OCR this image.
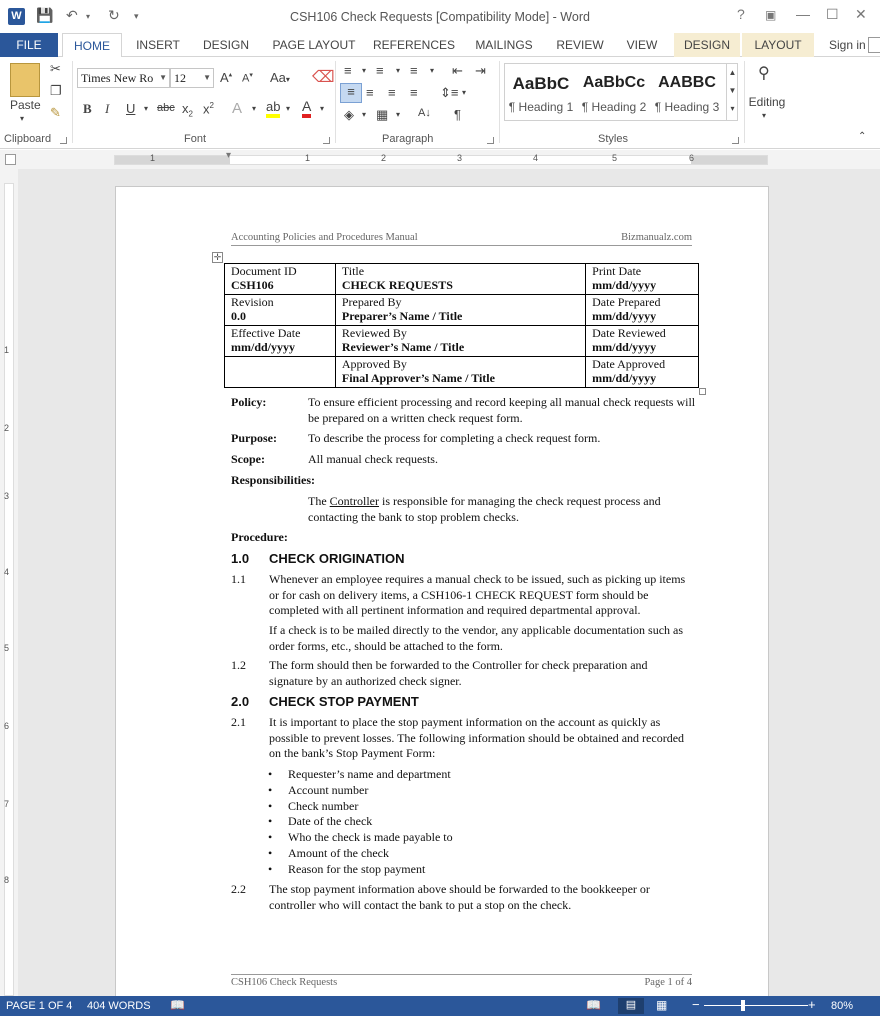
W 💾 ↶ ▾ ↻ ▾	CSH106 Check Requests [Compatibility Mode] - Word	? ▣ — ☐ ✕
FILE	HOME	INSERT	DESIGN	PAGE LAYOUT	REFERENCES	MAILINGS	REVIEW	VIEW	DESIGN	LAYOUT	Sign in
Paste
▾
✂
❐
✎
Clipboard
Times New Ro ▼ 12 ▼ A▴ A▾ Aa▾ ⌫
B I U ▾ abc $x_2$ $x^2$ A ▾ ab ▾ A ▾
Font
≡ ▾ ≡ ▾ ≡ ▾ ⇤ ⇥
≡ ≡ ≡ ≡ ⇕≡ ▾
◈ ▾ ▦ ▾ A↓ ¶
Paragraph
AaBbC
¶ Heading 1
AaBbCc
¶ Heading 2
AABBC
¶ Heading 3
▲
▼
▾
Styles
⚲
Editing
▾
⌃
1	1	2	3	4	5	6
▾
1
2
3
4
5
6
7
8
Accounting Policies and Procedures Manual	Bizmanualz.com
✛
Document ID
CSH106	Title
CHECK REQUESTS	Print Date
mm/dd/yyyy

Revision
0.0	Prepared By
Preparer’s Name / Title	Date Prepared
mm/dd/yyyy

Effective Date
mm/dd/yyyy	Reviewed By
Reviewer’s Name / Title	Date Reviewed
mm/dd/yyyy

	Approved By
Final Approver’s Name / Title	Date Approved
mm/dd/yyyy
Policy:	To ensure efficient processing and record keeping all manual check requests will be prepared on a written check request form.
Purpose:	To describe the process for completing a check request form.
Scope:	All manual check requests.
Responsibilities:
The Controller is responsible for managing the check request process and contacting the bank to stop problem checks.
Procedure:
1.0 CHECK ORIGINATION
1.1 Whenever an employee requires a manual check to be issued, such as picking up items or for cash on delivery items, a CSH106-1 CHECK REQUEST form should be completed with all pertinent information and required departmental approval.
If a check is to be mailed directly to the vendor, any applicable documentation such as order forms, etc., should be attached to the form.
1.2 The form should then be forwarded to the Controller for check preparation and signature by an authorized check signer.
2.0 CHECK STOP PAYMENT
2.1 It is important to place the stop payment information on the account as quickly as possible to prevent losses. The following information should be obtained and recorded on the bank’s Stop Payment Form:
• Requester’s name and department
• Account number
• Check number
• Date of the check
• Who the check is made payable to
• Amount of the check
• Reason for the stop payment
2.2 The stop payment information above should be forwarded to the bookkeeper or controller who will contact the bank to put a stop on the check.
CSH106 Check Requests	Page 1 of 4
PAGE 1 OF 4 404 WORDS 📖	📖	▤	▦ −	+ 80%
